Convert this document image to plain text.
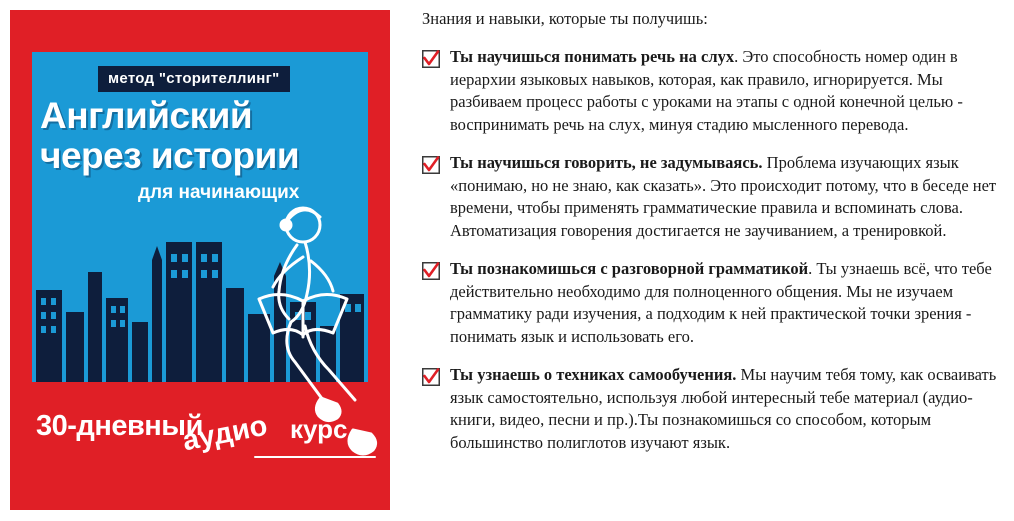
метод "сторителлинг"
Английский
через истории
для начинающих
30-дневный	курс
аудио

Знания и навыки, которые ты получишь:

Ты научишься понимать речь на слух. Это способность номер один в иерархии языковых навыков, которая, как правило, игнорируется. Мы разбиваем процесс работы с уроками на этапы с одной конечной целью - воспринимать речь на слух, минуя стадию мысленного перевода.
Ты научишься говорить, не задумываясь. Проблема изучающих язык «понимаю, но не знаю, как сказать». Это происходит потому, что в беседе нет времени, чтобы применять грамматические правила и вспоминать слова. Автоматизация говорения достигается не заучиванием, а тренировкой.
Ты познакомишься с разговорной грамматикой. Ты узнаешь всё, что тебе действительно необходимо для полноценного общения. Мы не изучаем грамматику ради изучения, а подходим к ней практической точки зрения - понимать язык и использовать его.
Ты узнаешь о техниках самообучения. Мы научим тебя тому, как осваивать язык самостоятельно, используя любой интересный тебе материал (аудио-книги, видео, песни и пр.).Ты познакомишься со способом, которым большинство полиглотов изучают язык.
